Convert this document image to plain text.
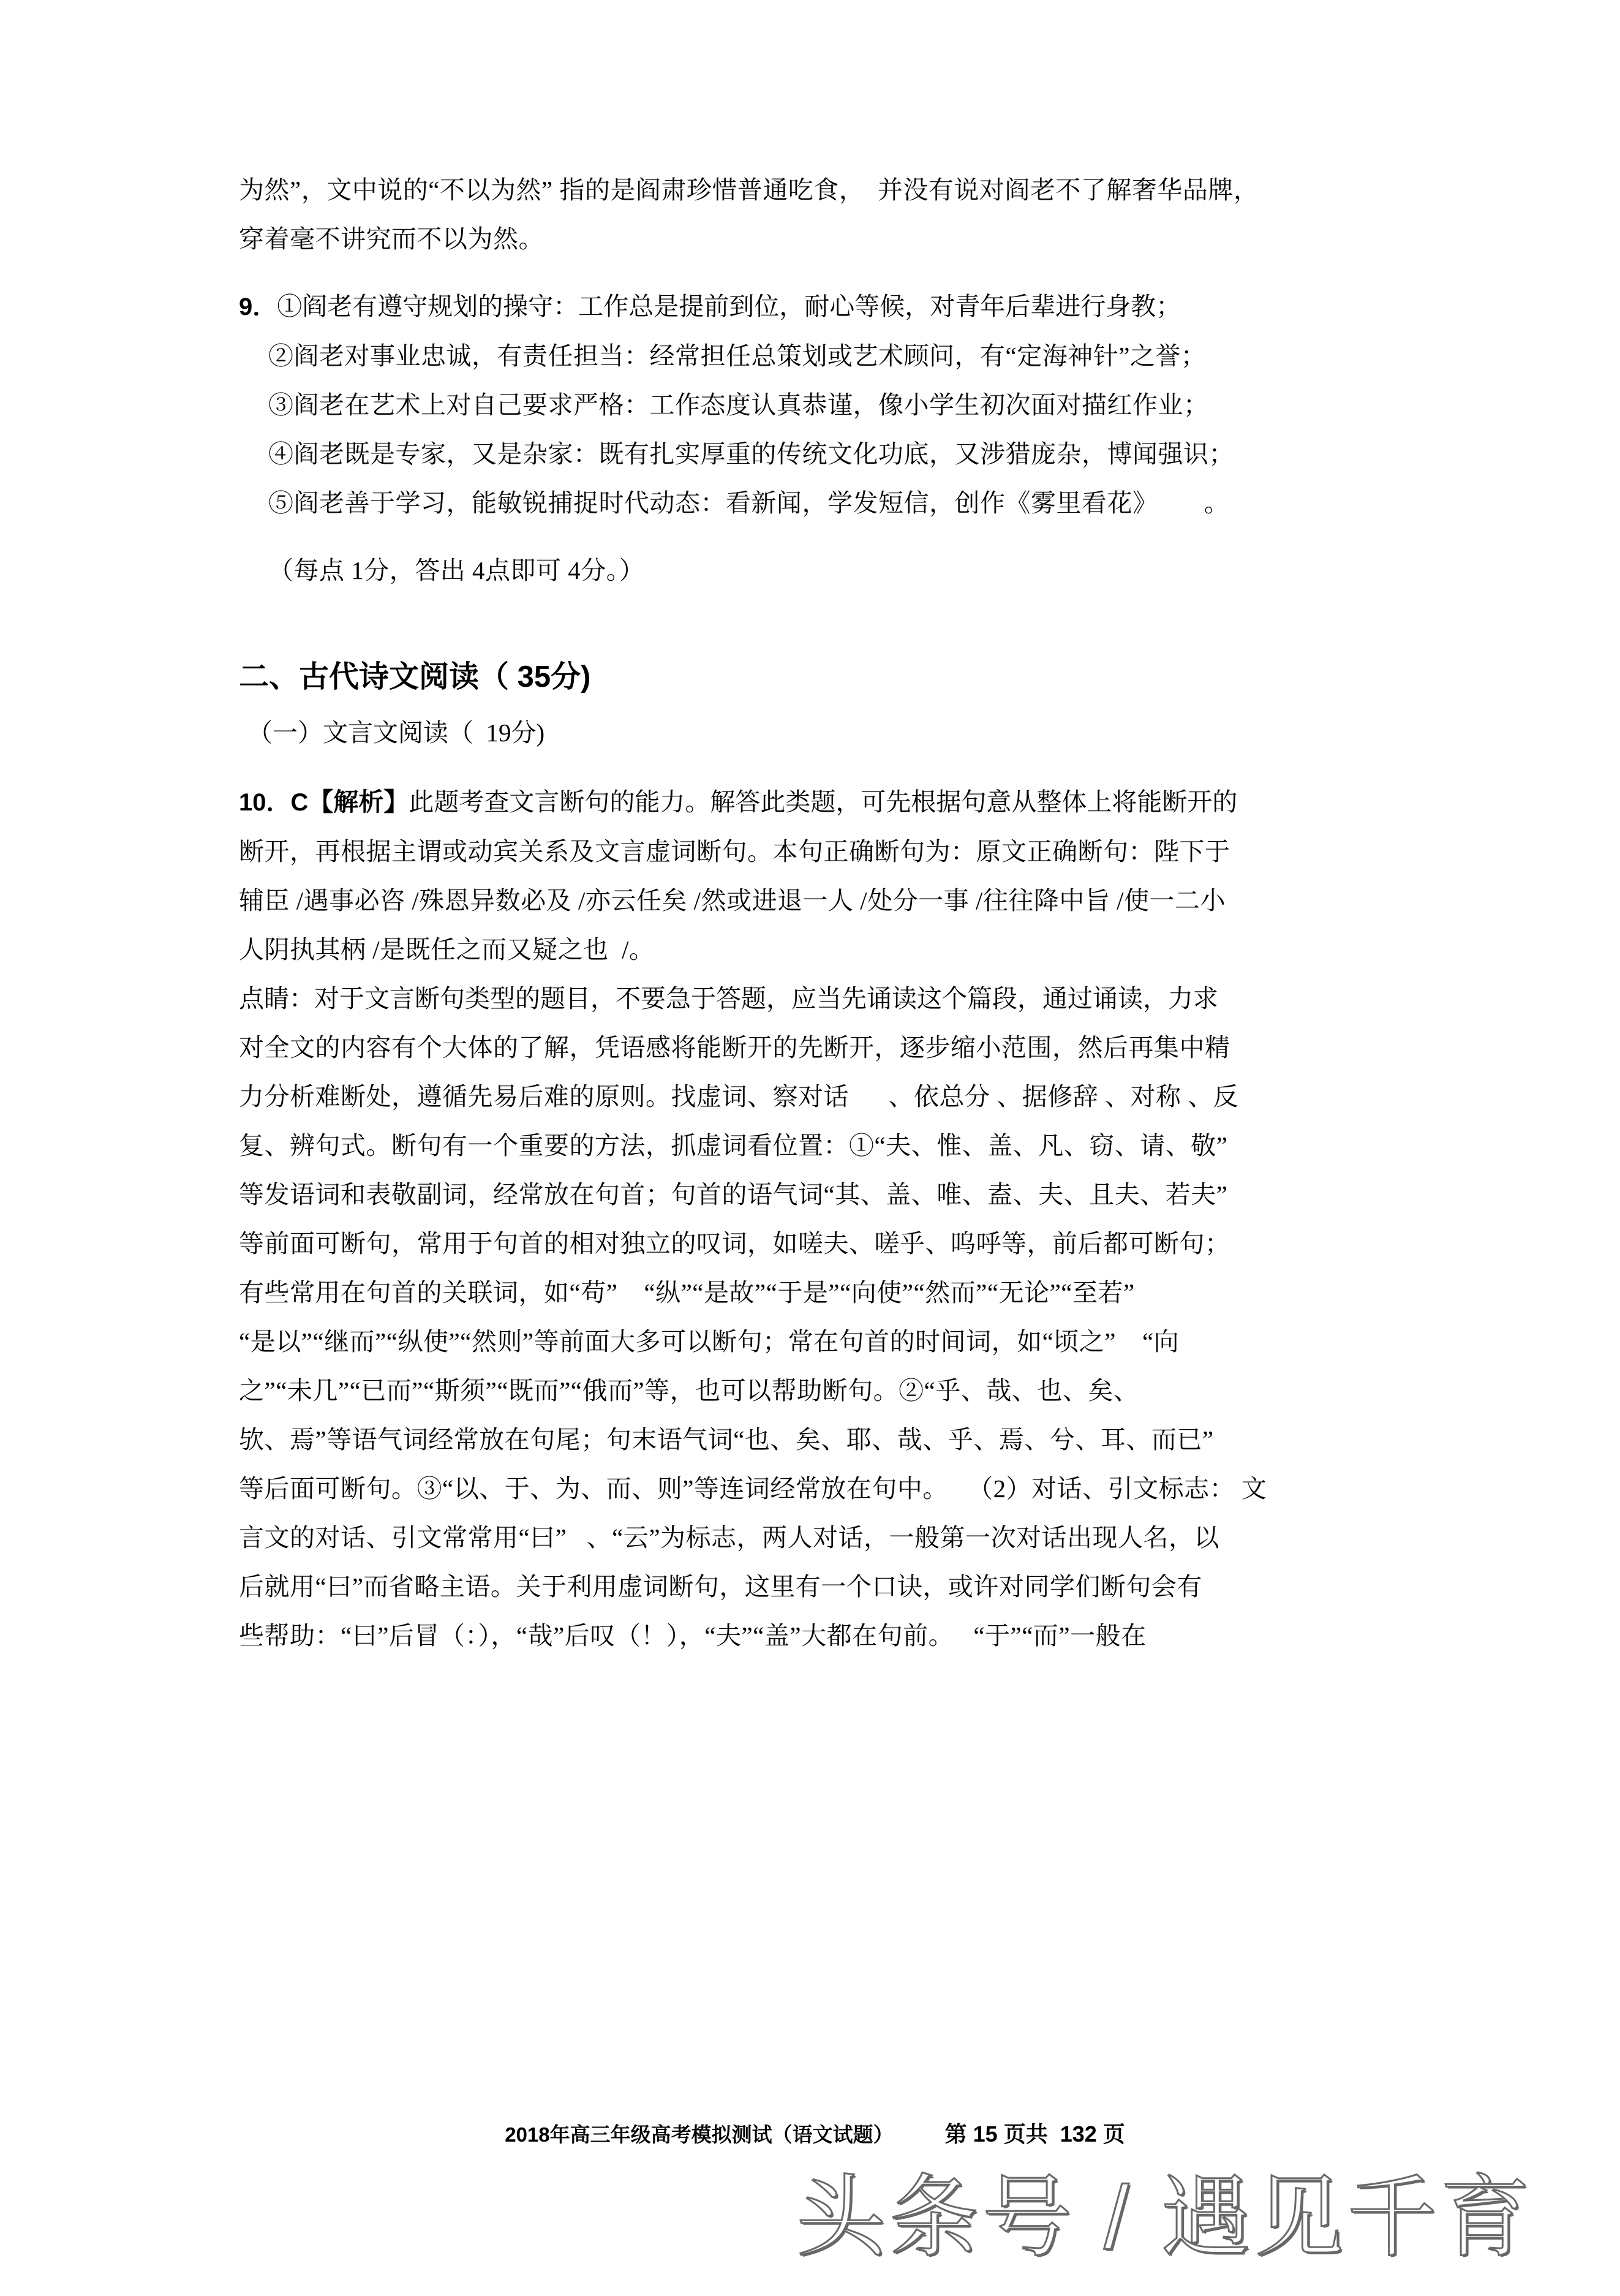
为然”，文中说的“不以为然” 指的是阎肃珍惜普通吃食，  并没有说对阎老不了解奢华品牌，
穿着毫不讲究而不以为然。
9．①阎老有遵守规划的操守：工作总是提前到位，耐心等候，对青年后辈进行身教；
②阎老对事业忠诚，有责任担当：经常担任总策划或艺术顾问，有“定海神针”之誉；
③阎老在艺术上对自己要求严格：工作态度认真恭谨，像小学生初次面对描红作业；
④阎老既是专家，又是杂家：既有扎实厚重的传统文化功底，又涉猎庞杂，博闻强识；
⑤阎老善于学习，能敏锐捕捉时代动态：看新闻，学发短信，创作《雾里看花》       。
（每点 1分，答出 4点即可 4分。）
二、古代诗文阅读（ 35分)
（一）文言文阅读（  19分)
10．C【解析】此题考查文言断句的能力。解答此类题，可先根据句意从整体上将能断开的
断开，再根据主谓或动宾关系及文言虚词断句。本句正确断句为：原文正确断句：陛下于
辅臣 /遇事必咨 /殊恩异数必及 /亦云任矣 /然或进退一人 /处分一事 /往往降中旨 /使一二小
人阴执其柄 /是既任之而又疑之也  /。
点睛：对于文言断句类型的题目，不要急于答题，应当先诵读这个篇段，通过诵读，力求
对全文的内容有个大体的了解，凭语感将能断开的先断开，逐步缩小范围，然后再集中精
力分析难断处，遵循先易后难的原则。找虚词、察对话      、依总分 、据修辞 、对称 、反
复、辨句式。断句有一个重要的方法，抓虚词看位置：①“夫、惟、盖、凡、窃、请、敬”
等发语词和表敬副词，经常放在句首；句首的语气词“其、盖、唯、盍、夫、且夫、若夫”
等前面可断句，常用于句首的相对独立的叹词，如嗟夫、嗟乎、呜呼等，前后都可断句；
有些常用在句首的关联词，如“苟”    “纵”“是故”“于是”“向使”“然而”“无论”“至若”
“是以”“继而”“纵使”“然则”等前面大多可以断句；常在句首的时间词，如“顷之”    “向
之”“未几”“已而”“斯须”“既而”“俄而”等，也可以帮助断句。②“乎、哉、也、矣、
欤、焉”等语气词经常放在句尾；句末语气词“也、矣、耶、哉、乎、焉、兮、耳、而已”
等后面可断句。③“以、于、为、而、则”等连词经常放在句中。   （2）对话、引文标志： 文
言文的对话、引文常常用“曰”   、“云”为标志，两人对话，一般第一次对话出现人名，以
后就用“曰”而省略主语。关于利用虚词断句，这里有一个口诀，或许对同学们断句会有
些帮助：“曰”后冒（：），“哉”后叹（！），“夫”“盖”大都在句前。   “于”“而”一般在

2018年高三年级高考模拟测试（语文试题） 第 15 页共  132 页

头条号 / 遇见千育
